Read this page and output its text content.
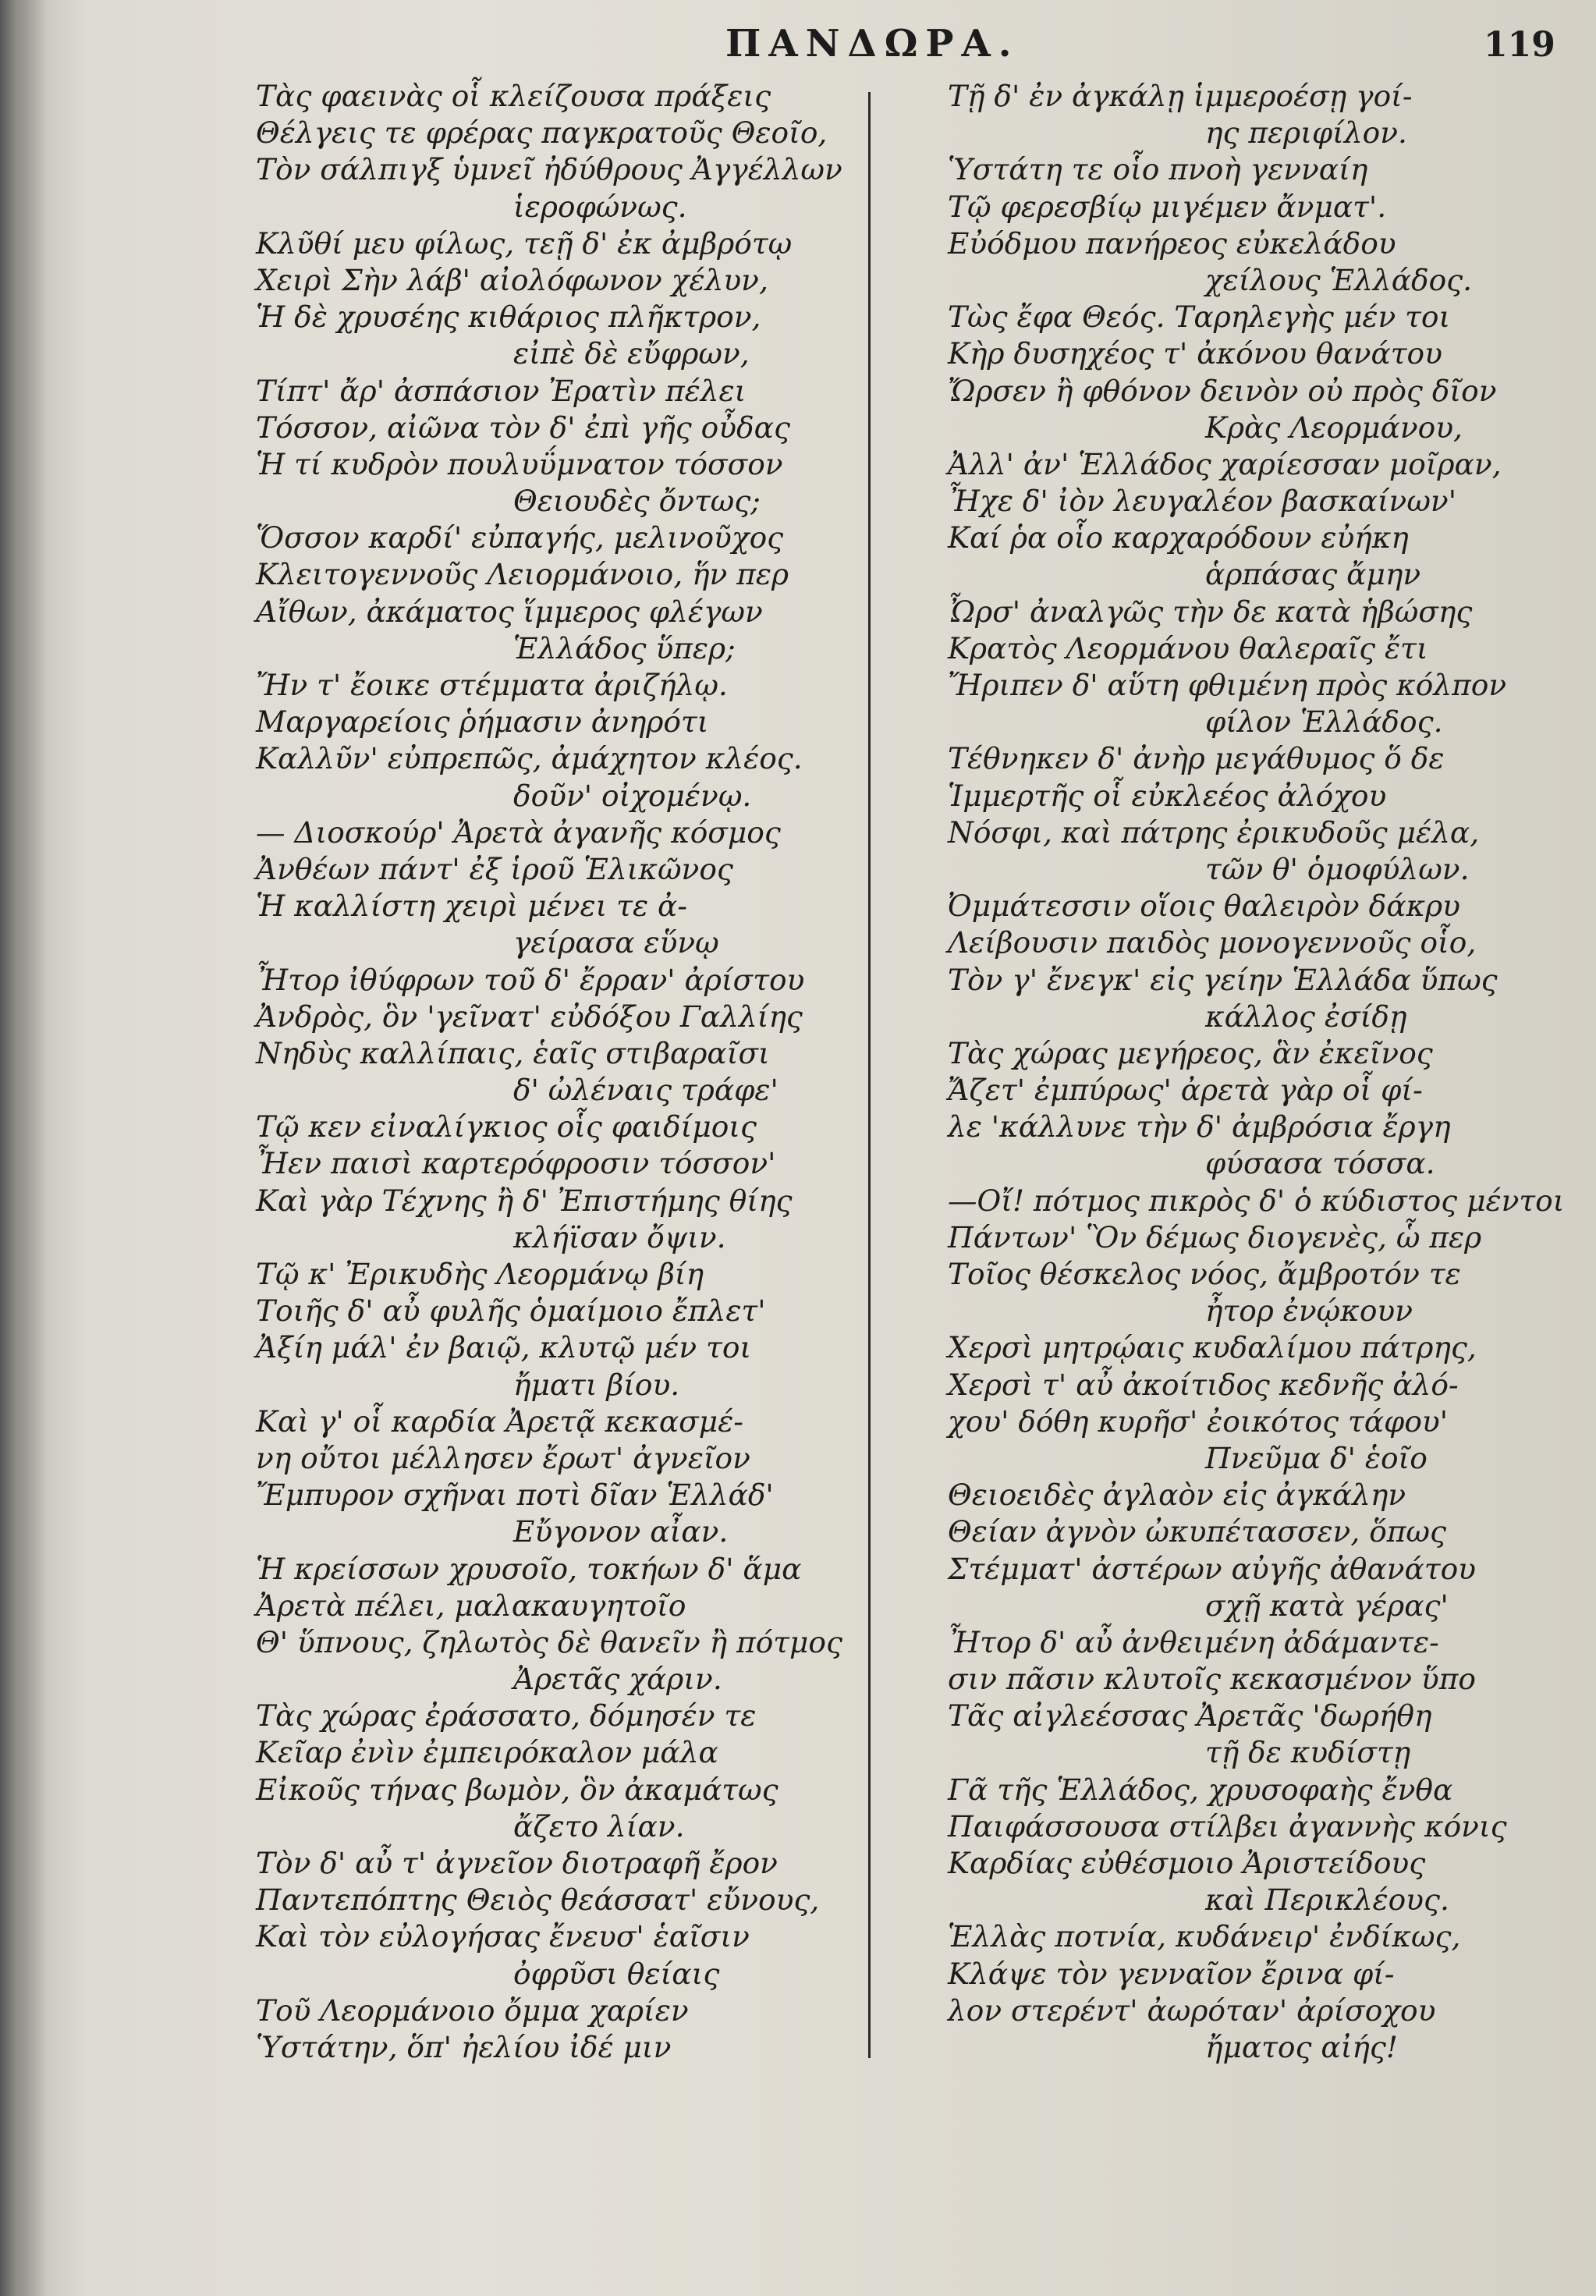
ΠΑΝΔΩΡΑ.	119
Τὰς φαεινὰς οἷ κλείζουσα πράξεις
Θέλγεις τε φρέρας παγκρατοῦς Θεοῖο,
Τὸν σάλπιγξ ὑμνεῖ ἠδύθρους Ἀγγέλλων
ἱεροφώνως.
Κλῦθί μευ φίλως, τεῇ δ' ἐκ ἀμβρότῳ
Χειρὶ Σὴν λάβ' αἰολόφωνον χέλυν,
Ἡ δὲ χρυσέης κιθάριος πλῆκτρον,
εἰπὲ δὲ εὔφρων,
Τίπτ' ἄρ' ἀσπάσιον Ἐρατὶν πέλει
Τόσσον, αἰῶνα τὸν δ' ἐπὶ γῆς οὖδας
Ἡ τί κυδρὸν πουλυΰμνατον τόσσον
Θειουδὲς ὄντως;
Ὅσσον καρδί' εὐπαγής, μελινοῦχος
Κλειτογεννοῦς Λειορμάνοιο, ἥν περ
Αἴθων, ἀκάματος ἵμμερος φλέγων
Ἑλλάδος ὕπερ;
Ἤν τ' ἔοικε στέμματα ἀριζήλῳ.
Μαργαρείοις ῥήμασιν ἀνηρότι
Καλλῦν' εὐπρεπῶς, ἀμάχητον κλέος.
δοῦν' οἰχομένῳ.
— Διοσκούρ' Ἀρετὰ ἀγανῆς κόσμος
Ἀνθέων πάντ' ἐξ ἱροῦ Ἑλικῶνος
Ἡ καλλίστη χειρὶ μένει τε ἀ-
γείρασα εὕνῳ
Ἦτορ ἰθύφρων τοῦ δ' ἔρραν' ἀρίστου
Ἀνδρὸς, ὃν 'γεῖνατ' εὐδόξου Γαλλίης
Νηδὺς καλλίπαις, ἑαῖς στιβαραῖσι
δ' ὠλέναις τράφε'
Τῷ κεν εἰναλίγκιος οἷς φαιδίμοις
Ἦεν παισὶ καρτερόφροσιν τόσσον'
Καὶ γὰρ Τέχνης ἢ δ' Ἐπιστήμης θίης
κλήϊσαν ὄψιν.
Τῷ κ' Ἐρικυδὴς Λεορμάνῳ βίη
Τοιῆς δ' αὖ φυλῆς ὁμαίμοιο ἔπλετ'
Ἀξίη μάλ' ἐν βαιῷ, κλυτῷ μέν τοι
ἤματι βίου.
Καὶ γ' οἷ καρδία Ἀρετᾷ κεκασμέ-
νη οὔτοι μέλλησεν ἔρωτ' ἀγνεῖον
Ἔμπυρον σχῆναι ποτὶ δῖαν Ἑλλάδ'
Εὔγονον αἶαν.
Ἡ κρείσσων χρυσοῖο, τοκήων δ' ἅμα
Ἀρετὰ πέλει, μαλακαυγητοῖο
Θ' ὕπνους, ζηλωτὸς δὲ θανεῖν ἢ πότμος
Ἀρετᾶς χάριν.
Τὰς χώρας ἐράσσατο, δόμησέν τε
Κεῖαρ ἐνὶν ἐμπειρόκαλον μάλα
Εἰκοῦς τήνας βωμὸν, ὃν ἀκαμάτως
ἄζετο λίαν.
Τὸν δ' αὖ τ' ἀγνεῖον διοτραφῆ ἔρον
Παντεπόπτης Θειὸς θεάσσατ' εὔνους,
Καὶ τὸν εὐλογήσας ἔνευσ' ἑαῖσιν
ὀφρῦσι θείαις
Τοῦ Λεορμάνοιο ὄμμα χαρίεν
Ὑστάτην, ὅπ' ἠελίου ἰδέ μιν
Τῇ δ' ἐν ἀγκάλῃ ἱμμεροέσῃ γοί-
ης περιφίλον.
Ὑστάτη τε οἷο πνοὴ γενναίη
Τῷ φερεσβίῳ μιγέμεν ἄνματ'.
Εὐόδμου πανήρεος εὐκελάδου
χείλους Ἑλλάδος.
Τὼς ἔφα Θεός. Ταρηλεγὴς μέν τοι
Κὴρ δυσηχέος τ' ἀκόνου θανάτου
Ὤρσεν ἢ φθόνον δεινὸν οὐ πρὸς δῖον
Κρὰς Λεορμάνου,
Ἀλλ' ἀν' Ἑλλάδος χαρίεσσαν μοῖραν,
Ἦχε δ' ἰὸν λευγαλέον βασκαίνων'
Καί ῥα οἷο καρχαρόδουν εὐήκη
ἁρπάσας ἄμην
Ὦρσ' ἀναλγῶς τὴν δε κατὰ ἡβώσης
Κρατὸς Λεορμάνου θαλεραῖς ἔτι
Ἤριπεν δ' αὕτη φθιμένη πρὸς κόλπον
φίλον Ἑλλάδος.
Τέθνηκεν δ' ἀνὴρ μεγάθυμος ὅ δε
Ἱμμερτῆς οἷ εὐκλεέος ἀλόχου
Νόσφι, καὶ πάτρης ἐρικυδοῦς μέλα,
τῶν θ' ὁμοφύλων.
Ὀμμάτεσσιν οἵοις θαλειρὸν δάκρυ
Λείβουσιν παιδὸς μονογεννοῦς οἷο,
Τὸν γ' ἔνεγκ' εἰς γείην Ἑλλάδα ὕπως
κάλλος ἐσίδῃ
Τὰς χώρας μεγήρεος, ἃν ἐκεῖνος
Ἄζετ' ἐμπύρως' ἀρετὰ γὰρ οἷ φί-
λε 'κάλλυνε τὴν δ' ἀμβρόσια ἔργη
φύσασα τόσσα.
—Οἴ! πότμος πικρὸς δ' ὁ κύδιστος μέντοι
Πάντων' Ὃν δέμως διογενὲς, ὧ περ
Τοῖος θέσκελος νόος, ἄμβροτόν τε
ἦτορ ἐνῴκουν
Χερσὶ μητρῴαις κυδαλίμου πάτρης,
Χερσὶ τ' αὖ ἀκοίτιδος κεδνῆς ἀλό-
χου' δόθη κυρῆσ' ἐοικότος τάφου'
Πνεῦμα δ' ἑοῖο
Θειοειδὲς ἀγλαὸν εἰς ἀγκάλην
Θείαν ἀγνὸν ὠκυπέτασσεν, ὅπως
Στέμματ' ἀστέρων αὐγῆς ἀθανάτου
σχῇ κατὰ γέρας'
Ἦτορ δ' αὖ ἀνθειμένη ἀδάμαντε-
σιν πᾶσιν κλυτοῖς κεκασμένον ὕπο
Τᾶς αἰγλεέσσας Ἀρετᾶς 'δωρήθη
τῇ δε κυδίστῃ
Γᾶ τῆς Ἑλλάδος, χρυσοφαὴς ἔνθα
Παιφάσσουσα στίλβει ἀγαννὴς κόνις
Καρδίας εὐθέσμοιο Ἀριστείδους
καὶ Περικλέους.
Ἑλλὰς ποτνία, κυδάνειρ' ἐνδίκως,
Κλάψε τὸν γενναῖον ἔρινα φί-
λον στερέντ' ἀωρόταν' ἀρίσοχου
ἤματος αἰής!
